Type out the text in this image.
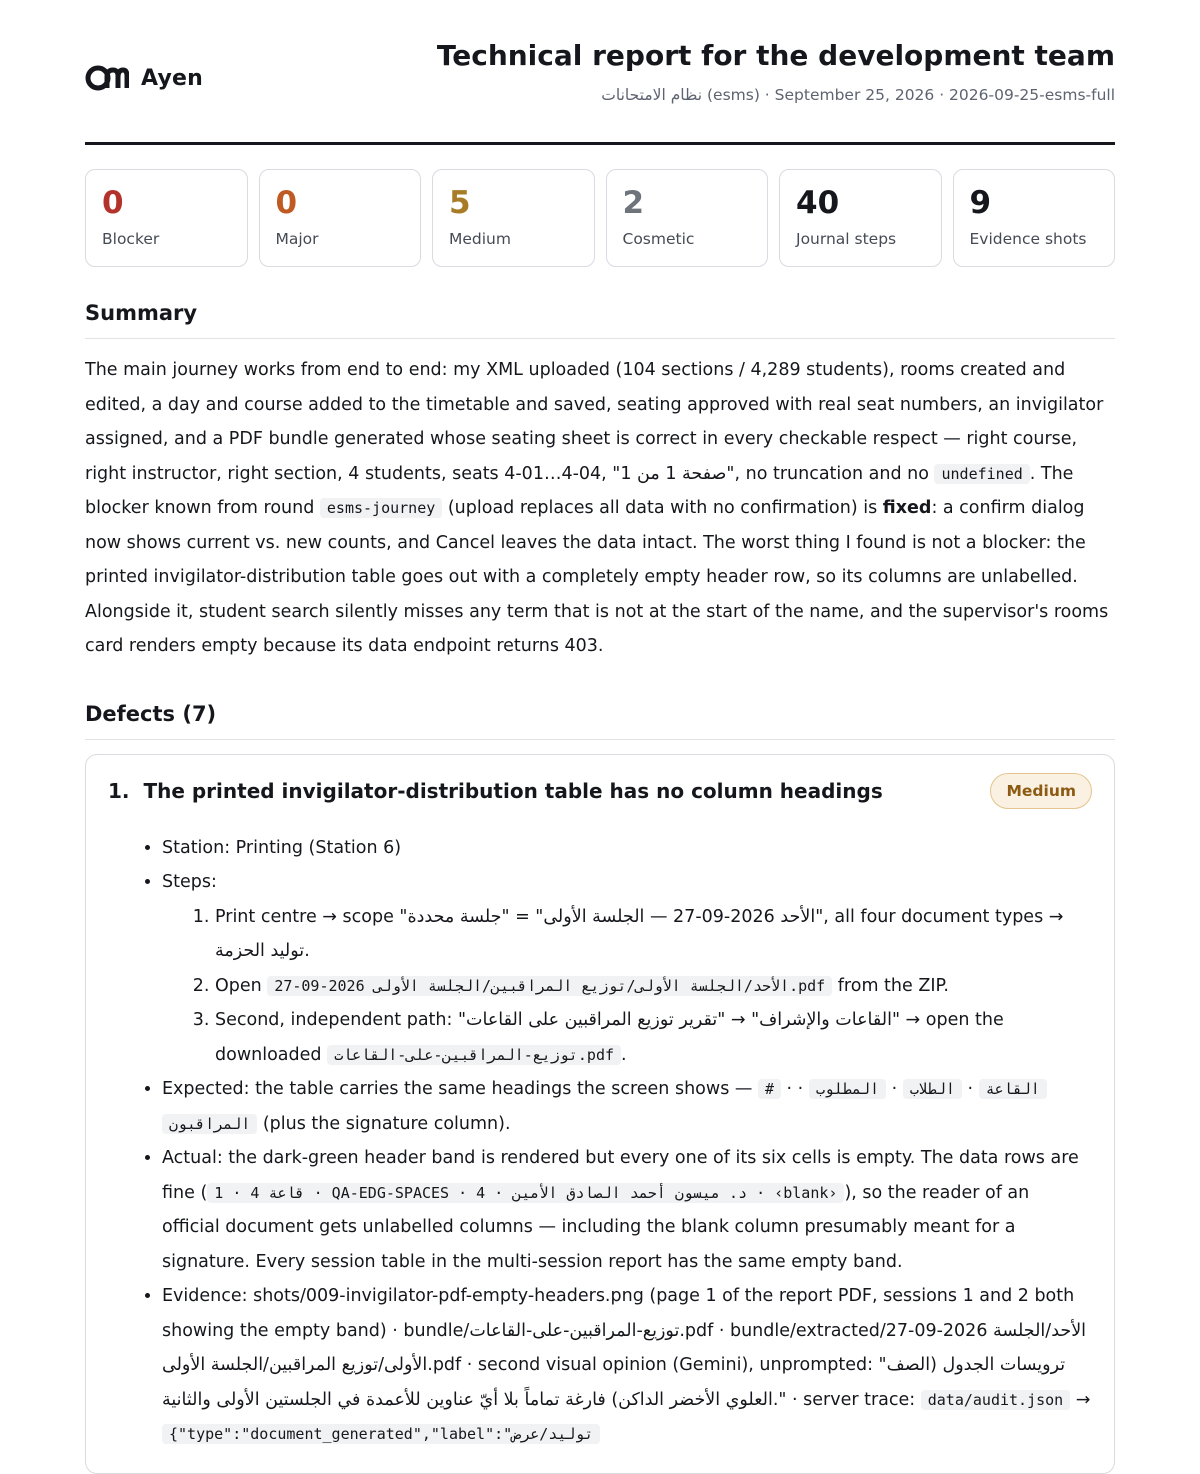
Ayen
Technical report for the development team
نظام الامتحانات (esms) · September 25, 2026 · 2026-09-25-esms-full
0
Blocker
0
Major
5
Medium
2
Cosmetic
40
Journal steps
9
Evidence shots
Summary

The main journey works from end to end: my XML uploaded (104 sections / 4,289 students), rooms created and edited, a day and course added to the timetable and saved, seating approved with real seat numbers, an invigilator assigned, and a PDF bundle generated whose seating sheet is correct in every checkable respect — right course, right instructor, right section, 4 students, seats 4-01…4-04, "صفحة 1 من 1", no truncation and no undefined . The blocker known from round esms-journey (upload replaces all data with no confirmation) is fixed: a confirm dialog now shows current vs. new counts, and Cancel leaves the data intact. The worst thing I found is not a blocker: the printed invigilator-distribution table goes out with a completely empty header row, so its columns are unlabelled. Alongside it, student search silently misses any term that is not at the start of the name, and the supervisor's rooms card renders empty because its data endpoint returns 403.

Defects (7)
1. The printed invigilator-distribution table has no column headings	Medium
• Station: Printing (Station 6)
• Steps:
1. Print centre → scope "الأحد 2026-09-27 — الجلسة الأولى" = "جلسة محددة", all four document types → توليد الحزمة.
2. Open 27-09-2026 الأحد/الجلسة الأولى/توزيع المراقبين/الجلسة الأولى.pdf from the ZIP.
3. Second, independent path: "القاعات والإشراف" → "تقرير توزيع المراقبين على القاعات" → open the downloaded توزيع-المراقبين-على-القاعات.pdf .
• Expected: the table carries the same headings the screen shows — # ·	القاعة · الطلاب · المطلوب · المراقبون (plus the signature column).
• Actual: the dark-green header band is rendered but every one of its six cells is empty. The data rows are fine ( 1 · 4 قاعة · QA-EDG-SPACES · 4 · د. ميسون أحمد الصادق الأمين · ‹blank› ), so the reader of an official document gets unlabelled columns — including the blank column presumably meant for a signature. Every session table in the multi-session report has the same empty band.
• Evidence: shots/009-invigilator-pdf-empty-headers.png (page 1 of the report PDF, sessions 1 and 2 both showing the empty band) · bundle/توزيع-المراقبين-على-القاعات.pdf · bundle/extracted/27-09-2026 الأحد/الجلسة الأولى/توزيع المراقبين/الجلسة الأولى.pdf · second visual opinion (Gemini), unprompted: "ترويسات الجدول (الصف العلوي الأخضر الداكن) فارغة تماماً بلا أيّ عناوين للأعمدة في الجلستين الأولى والثانية." · server trace: data/audit.json → {"type":"document_generated","label":"توليد/عرض
